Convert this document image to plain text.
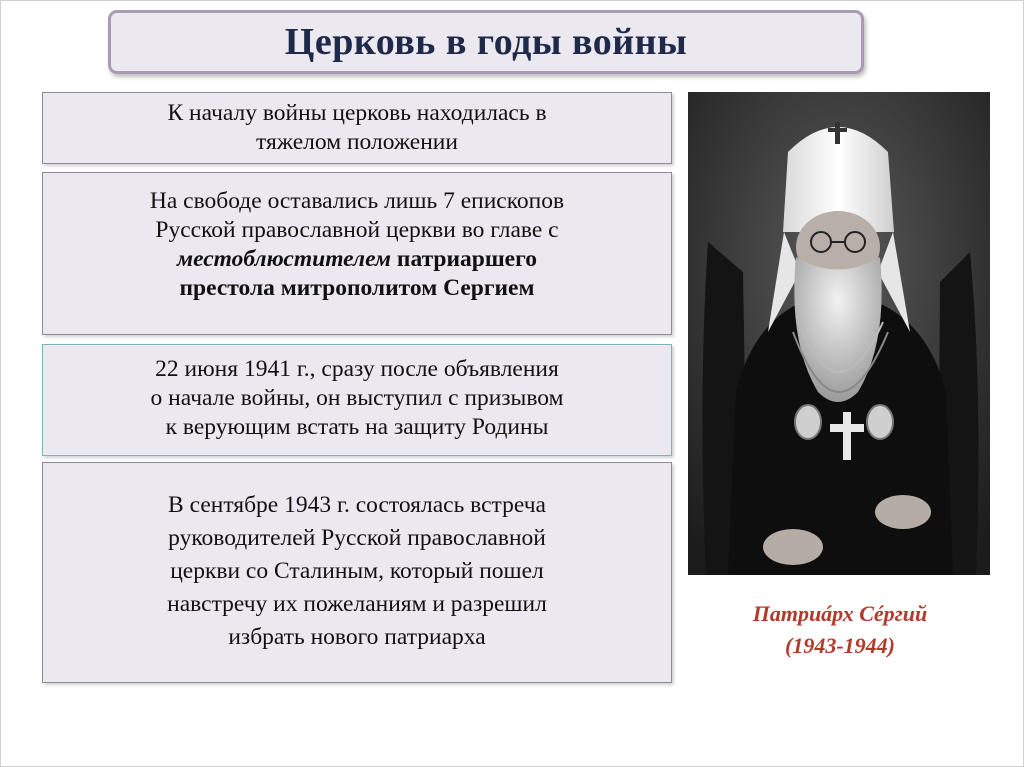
Церковь в годы войны
К началу войны церковь находилась в
тяжелом положении
На свободе оставались лишь 7 епископов
Русской православной церкви во главе с
местоблюстителем патриаршего
престола митрополитом Сергием
22 июня 1941 г., сразу после объявления
о начале войны, он выступил с призывом
к верующим встать на защиту Родины
В сентябре 1943 г. состоялась встреча
руководителей Русской православной
церкви со Сталиным, который пошел
навстречу их пожеланиям и разрешил
избрать нового патриарха
Патриáрх Сéргий
(1943-1944)
